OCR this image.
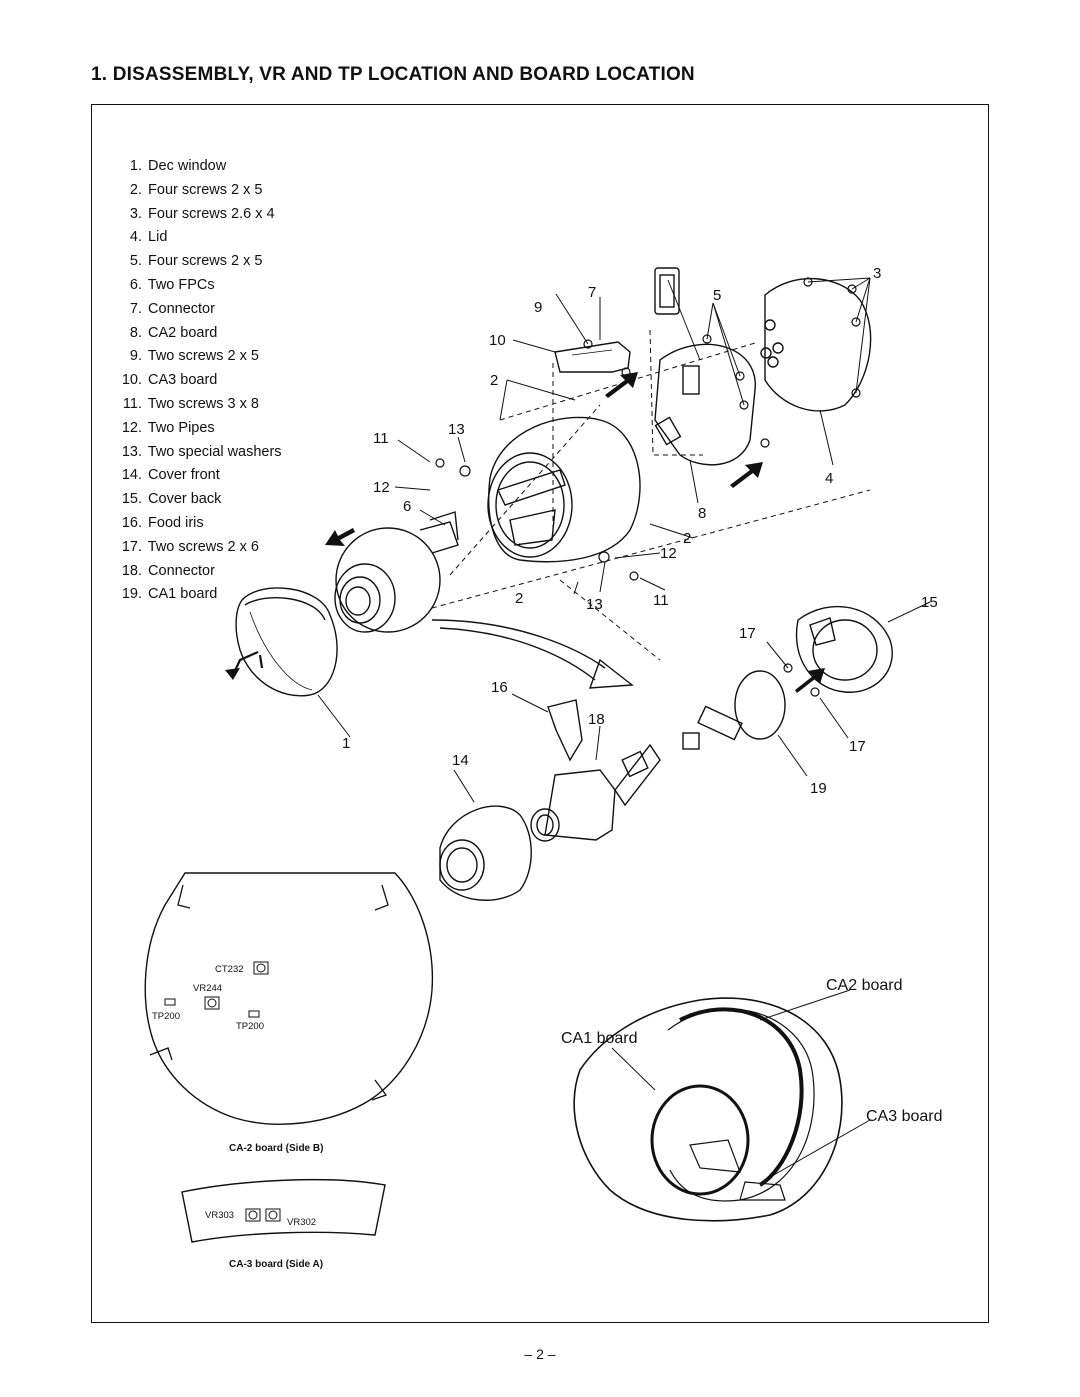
1. DISASSEMBLY, VR AND TP LOCATION AND BOARD LOCATION
1. Dec window
2. Four screws 2 x 5
3. Four screws 2.6 x 4
4. Lid
5. Four screws 2 x 5
6. Two FPCs
7. Connector
8. CA2 board
9. Two screws 2 x 5
10. CA3 board
11. Two screws 3 x 8
12. Two Pipes
13. Two special washers
14. Cover front
15. Cover back
16. Food iris
17. Two screws 2 x 6
18. Connector
19. CA1 board
1
2
2
2
3
4
5
6
7
8
9
10
11
11
12
12
13
13
14
15
16
17
17
18
19
CT232
VR244
TP200
TP200
CA-2 board (Side B)
VR303
VR302
CA-3 board (Side A)
CA2 board
CA1 board
CA3 board
– 2 –
